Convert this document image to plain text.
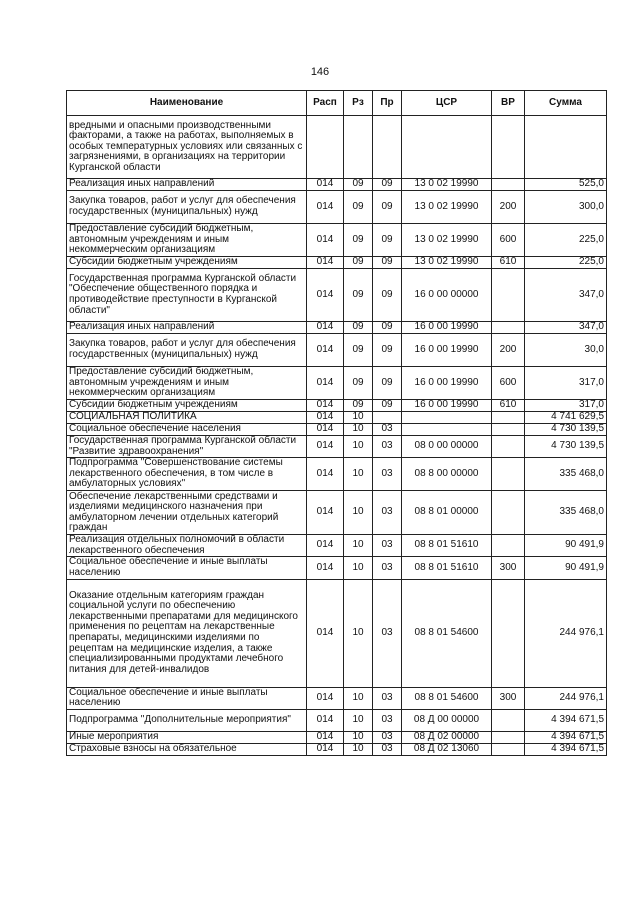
146
Наименование	Расп	Рз	Пр	ЦСР	ВР	Сумма
вредными и опасными производственными факторами, а также на работах, выполняемых в особых температурных условиях или связанных с загрязнениями, в организациях на территории Курганской области						
Реализация иных направлений	014	09	09	13 0 02 19990		525,0
Закупка товаров, работ и услуг для обеспечения государственных (муниципальных) нужд	014	09	09	13 0 02 19990	200	300,0
Предоставление субсидий бюджетным, автономным учреждениям и иным некоммерческим организациям	014	09	09	13 0 02 19990	600	225,0
Субсидии бюджетным учреждениям	014	09	09	13 0 02 19990	610	225,0
Государственная программа Курганской области "Обеспечение общественного порядка и противодействие преступности в Курганской области"	014	09	09	16 0 00 00000		347,0
Реализация иных направлений	014	09	09	16 0 00 19990		347,0
Закупка товаров, работ и услуг для обеспечения государственных (муниципальных) нужд	014	09	09	16 0 00 19990	200	30,0
Предоставление субсидий бюджетным, автономным учреждениям и иным некоммерческим организациям	014	09	09	16 0 00 19990	600	317,0
Субсидии бюджетным учреждениям	014	09	09	16 0 00 19990	610	317,0
СОЦИАЛЬНАЯ ПОЛИТИКА	014	10				4 741 629,5
Социальное обеспечение населения	014	10	03			4 730 139,5
Государственная программа Курганской области "Развитие здравоохранения"	014	10	03	08 0 00 00000		4 730 139,5
Подпрограмма "Совершенствование системы лекарственного обеспечения, в том числе в амбулаторных условиях"	014	10	03	08 8 00 00000		335 468,0
Обеспечение лекарственными средствами и изделиями медицинского назначения при амбулаторном лечении отдельных категорий граждан	014	10	03	08 8 01 00000		335 468,0
Реализация отдельных полномочий в области лекарственного обеспечения	014	10	03	08 8 01 51610		90 491,9
Социальное обеспечение и иные выплаты населению	014	10	03	08 8 01 51610	300	90 491,9
Оказание отдельным категориям граждан социальной услуги по обеспечению лекарственными препаратами для медицинского применения по рецептам на лекарственные препараты, медицинскими изделиями по рецептам на медицинские изделия, а также специализированными продуктами лечебного питания для детей-инвалидов	014	10	03	08 8 01 54600		244 976,1
Социальное обеспечение и иные выплаты населению	014	10	03	08 8 01 54600	300	244 976,1
Подпрограмма "Дополнительные мероприятия"	014	10	03	08 Д 00 00000		4 394 671,5
Иные мероприятия	014	10	03	08 Д 02 00000		4 394 671,5
Страховые взносы на обязательное	014	10	03	08 Д 02 13060		4 394 671,5
